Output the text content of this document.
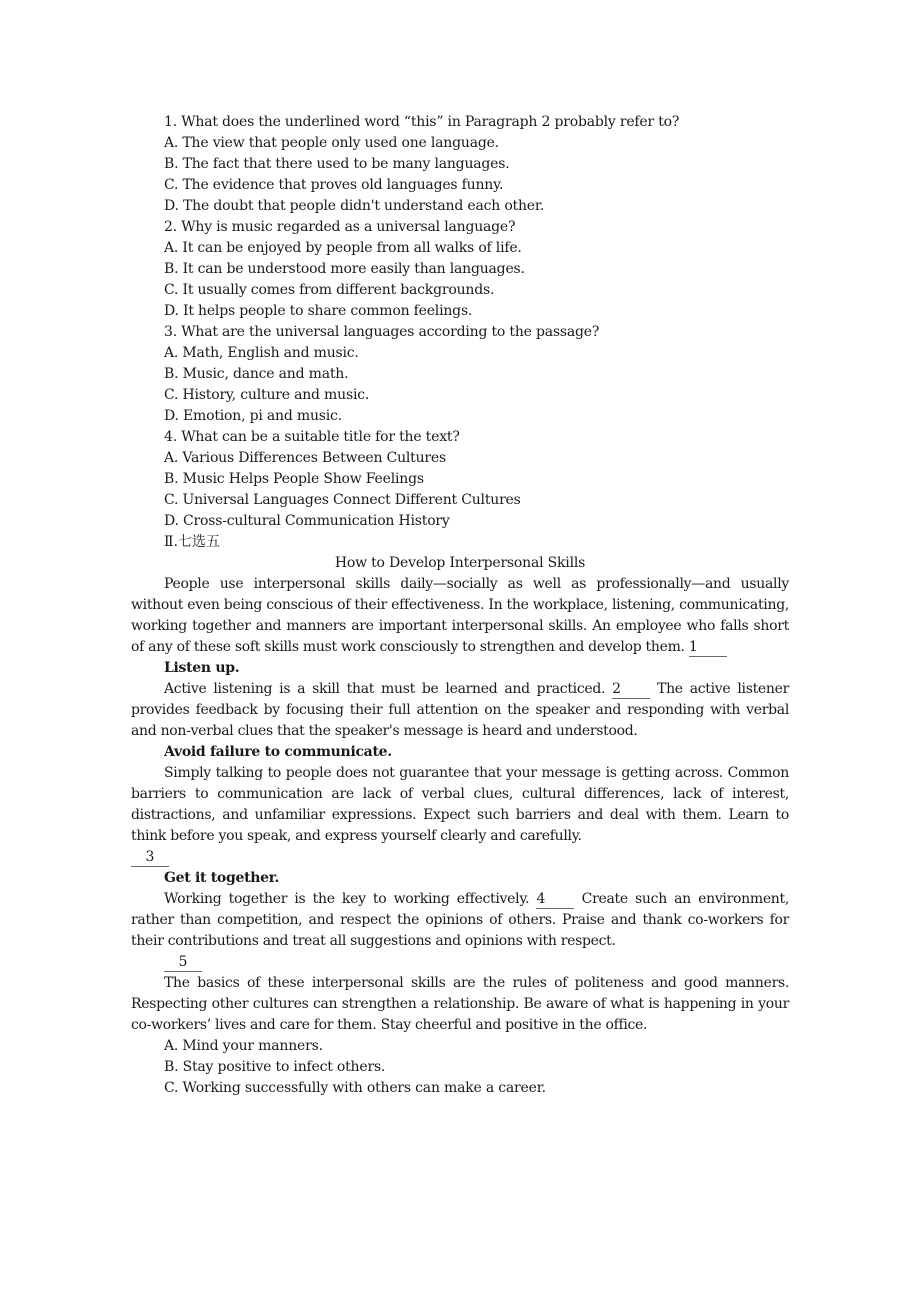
1. What does the underlined word “this” in Paragraph 2 probably refer to?
A. The view that people only used one language.
B. The fact that there used to be many languages.
C. The evidence that proves old languages funny.
D. The doubt that people didn't understand each other.
2. Why is music regarded as a universal language?
A. It can be enjoyed by people from all walks of life.
B. It can be understood more easily than languages.
C. It usually comes from different backgrounds.
D. It helps people to share common feelings.
3. What are the universal languages according to the passage?
A. Math, English and music.
B. Music, dance and math.
C. History, culture and music.
D. Emotion, pi and music.
4. What can be a suitable title for the text?
A. Various Differences Between Cultures
B. Music Helps People Show Feelings
C. Universal Languages Connect Different Cultures
D. Cross-cultural Communication History
Ⅱ.七选五
How to Develop Interpersonal Skills
People use interpersonal skills daily—socially as well as professionally—and usually without even being conscious of their effectiveness. In the workplace, listening, communicating, working together and manners are important interpersonal skills. An employee who falls short of any of these soft skills must work consciously to strengthen and develop them. 1
Listen up.
Active listening is a skill that must be learned and practiced. 2 The active listener provides feedback by focusing their full attention on the speaker and responding with verbal and non-verbal clues that the speaker's message is heard and understood.
Avoid failure to communicate.
Simply talking to people does not guarantee that your message is getting across. Common barriers to communication are lack of verbal clues, cultural differences, lack of interest, distractions, and unfamiliar expressions. Expect such barriers and deal with them. Learn to think before you speak, and express yourself clearly and carefully.
3
Get it together.
Working together is the key to working effectively. 4 Create such an environment, rather than competition, and respect the opinions of others. Praise and thank co-workers for their contributions and treat all suggestions and opinions with respect.
5
The basics of these interpersonal skills are the rules of politeness and good manners. Respecting other cultures can strengthen a relationship. Be aware of what is happening in your co-workers’ lives and care for them. Stay cheerful and positive in the office.
A. Mind your manners.
B. Stay positive to infect others.
C. Working successfully with others can make a career.
